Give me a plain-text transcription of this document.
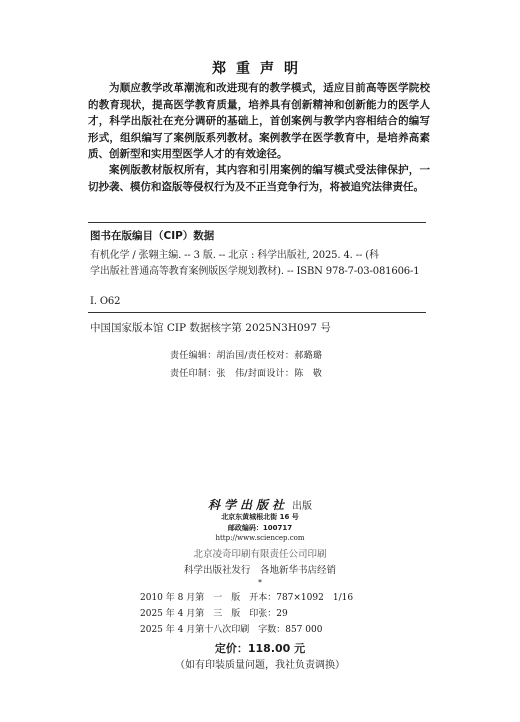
郑重声明

为顺应教学改革潮流和改进现有的教学模式，适应目前高等医学院校的教育现状，提高医学教育质量，培养具有创新精神和创新能力的医学人才，科学出版社在充分调研的基础上，首创案例与教学内容相结合的编写形式，组织编写了案例版系列教材。案例教学在医学教育中，是培养高素质、创新型和实用型医学人才的有效途径。

案例版教材版权所有，其内容和引用案例的编写模式受法律保护，一切抄袭、模仿和盗版等侵权行为及不正当竞争行为，将被追究法律责任。

图书在版编目（CIP）数据
有机化学 / 张翱主编. -- 3 版. -- 北京 : 科学出版社, 2025. 4. -- (科
学出版社普通高等教育案例版医学规划教材). -- ISBN 978-7-03-081606-1
Ⅰ. O62
中国国家版本馆 CIP 数据核字第 2025N3H097 号
责任编辑：胡治国/责任校对：郝璐璐
责任印制：张　伟/封面设计：陈　敬
科学出版社 出版
北京东黄城根北街 16 号
邮政编码：100717
http://www.sciencep.com
北京凌奇印刷有限责任公司印刷
科学出版社发行　各地新华书店经销
*
2010 年 8 月第　一　版　开本：787×1092　1/16
2025 年 4 月第　三　版　印张：29
2025 年 4 月第十八次印刷　字数：857 000
定价：118.00 元
（如有印装质量问题，我社负责调换）
